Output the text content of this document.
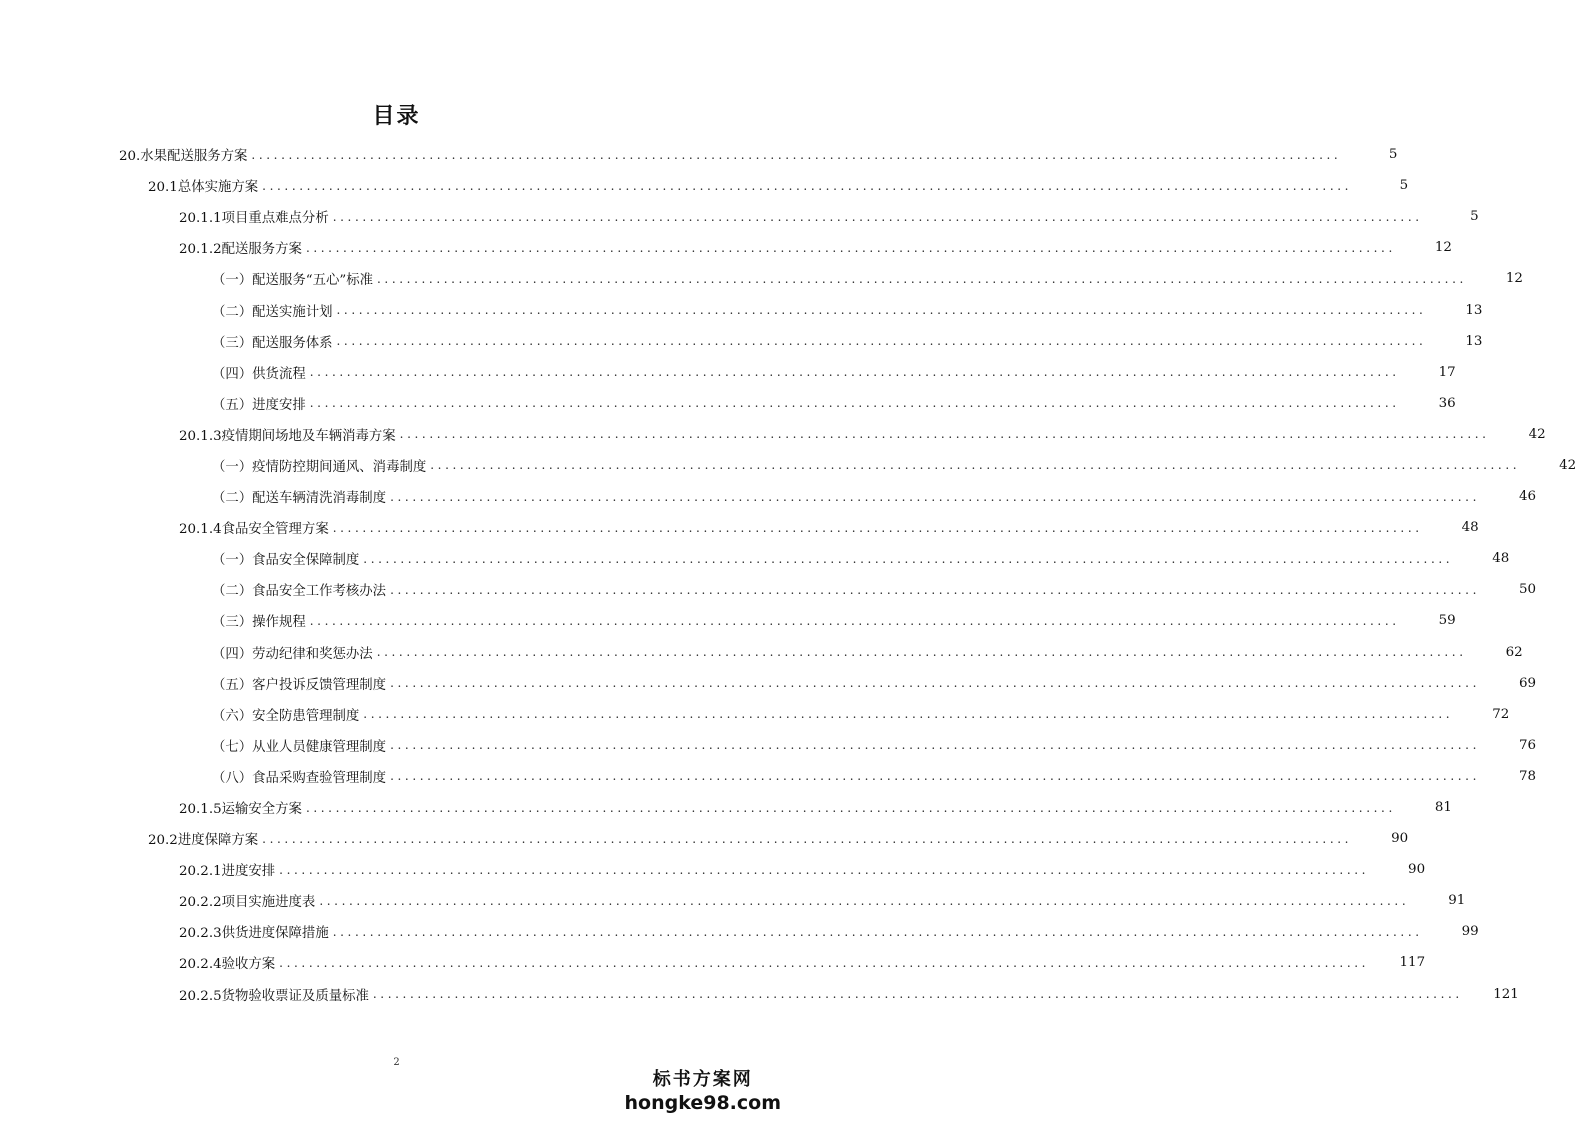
目录
20.水果配送服务方案 ...................................................................................................................................................	5
20.1总体实施方案 ...................................................................................................................................................	5
20.1.1项目重点难点分析 ...................................................................................................................................................	5
20.1.2配送服务方案 ...................................................................................................................................................	12
（一）配送服务“五心”标准 ...................................................................................................................................................	12
（二）配送实施计划 ...................................................................................................................................................	13
（三）配送服务体系 ...................................................................................................................................................	13
（四）供货流程 ...................................................................................................................................................	17
（五）进度安排 ...................................................................................................................................................	36
20.1.3疫情期间场地及车辆消毒方案 ...................................................................................................................................................	42
（一）疫情防控期间通风、消毒制度 ...................................................................................................................................................	42
（二）配送车辆清洗消毒制度 ...................................................................................................................................................	46
20.1.4食品安全管理方案 ...................................................................................................................................................	48
（一）食品安全保障制度 ...................................................................................................................................................	48
（二）食品安全工作考核办法 ...................................................................................................................................................	50
（三）操作规程 ...................................................................................................................................................	59
（四）劳动纪律和奖惩办法 ...................................................................................................................................................	62
（五）客户投诉反馈管理制度 ...................................................................................................................................................	69
（六）安全防患管理制度 ...................................................................................................................................................	72
（七）从业人员健康管理制度 ...................................................................................................................................................	76
（八）食品采购查验管理制度 ...................................................................................................................................................	78
20.1.5运输安全方案 ...................................................................................................................................................	81
20.2进度保障方案 ...................................................................................................................................................	90
20.2.1进度安排 ...................................................................................................................................................	90
20.2.2项目实施进度表 ...................................................................................................................................................	91
20.2.3供货进度保障措施 ...................................................................................................................................................	99
20.2.4验收方案 ...................................................................................................................................................	117
20.2.5货物验收票证及质量标准 ...................................................................................................................................................	121
2
标书方案网
hongke98.com
